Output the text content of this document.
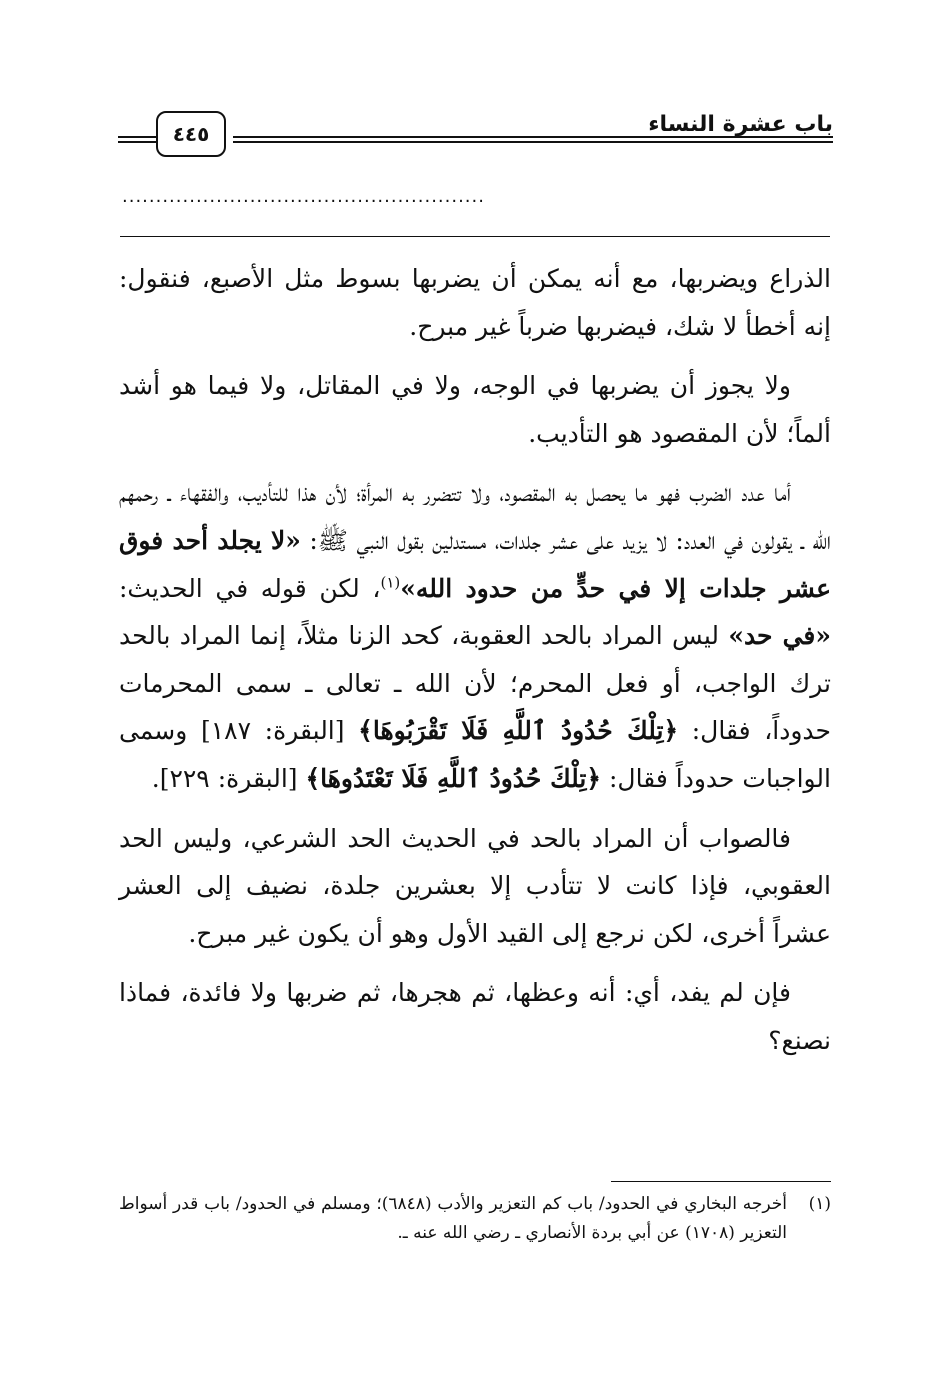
باب عشرة النساء
٤٤٥
......................................................

الذراع ويضربها، مع أنه يمكن أن يضربها بسوط مثل الأصبع، فنقول: إنه أخطأ لا شك، فيضربها ضرباً غير مبرح.

ولا يجوز أن يضربها في الوجه، ولا في المقاتل، ولا فيما هو أشد ألماً؛ لأن المقصود هو التأديب.

أما عدد الضرب فهو ما يحصل به المقصود، ولا تتضرر به المرأة؛ لأن هذا للتأديب، والفقهاء ـ رحمهم الله ـ يقولون في العدد: لا يزيد على عشر جلدات، مستدلين بقول النبي ﷺ: «لا يجلد أحد فوق عشر جلدات إلا في حدٍّ من حدود الله»$^{(١)}$، لكن قوله في الحديث: «في حد» ليس المراد بالحد العقوبة، كحد الزنا مثلاً، إنما المراد بالحد ترك الواجب، أو فعل المحرم؛ لأن الله ـ تعالى ـ سمى المحرمات حدوداً، فقال: ﴿تِلْكَ حُدُودُ ٱللَّهِ فَلَا تَقْرَبُوهَا﴾ [البقرة: ١٨٧] وسمى الواجبات حدوداً فقال: ﴿تِلْكَ حُدُودُ ٱللَّهِ فَلَا تَعْتَدُوهَا﴾ [البقرة: ٢٢٩].

فالصواب أن المراد بالحد في الحديث الحد الشرعي، وليس الحد العقوبي، فإذا كانت لا تتأدب إلا بعشرين جلدة، نضيف إلى العشر عشراً أخرى، لكن نرجع إلى القيد الأول وهو أن يكون غير مبرح.

فإن لم يفد، أي: أنه وعظها، ثم هجرها، ثم ضربها ولا فائدة، فماذا نصنع؟

(١)
أخرجه البخاري في الحدود/ باب كم التعزير والأدب (٦٨٤٨)؛ ومسلم في الحدود/ باب قدر أسواط التعزير (١٧٠٨) عن أبي بردة الأنصاري ـ رضي الله عنه ـ.
